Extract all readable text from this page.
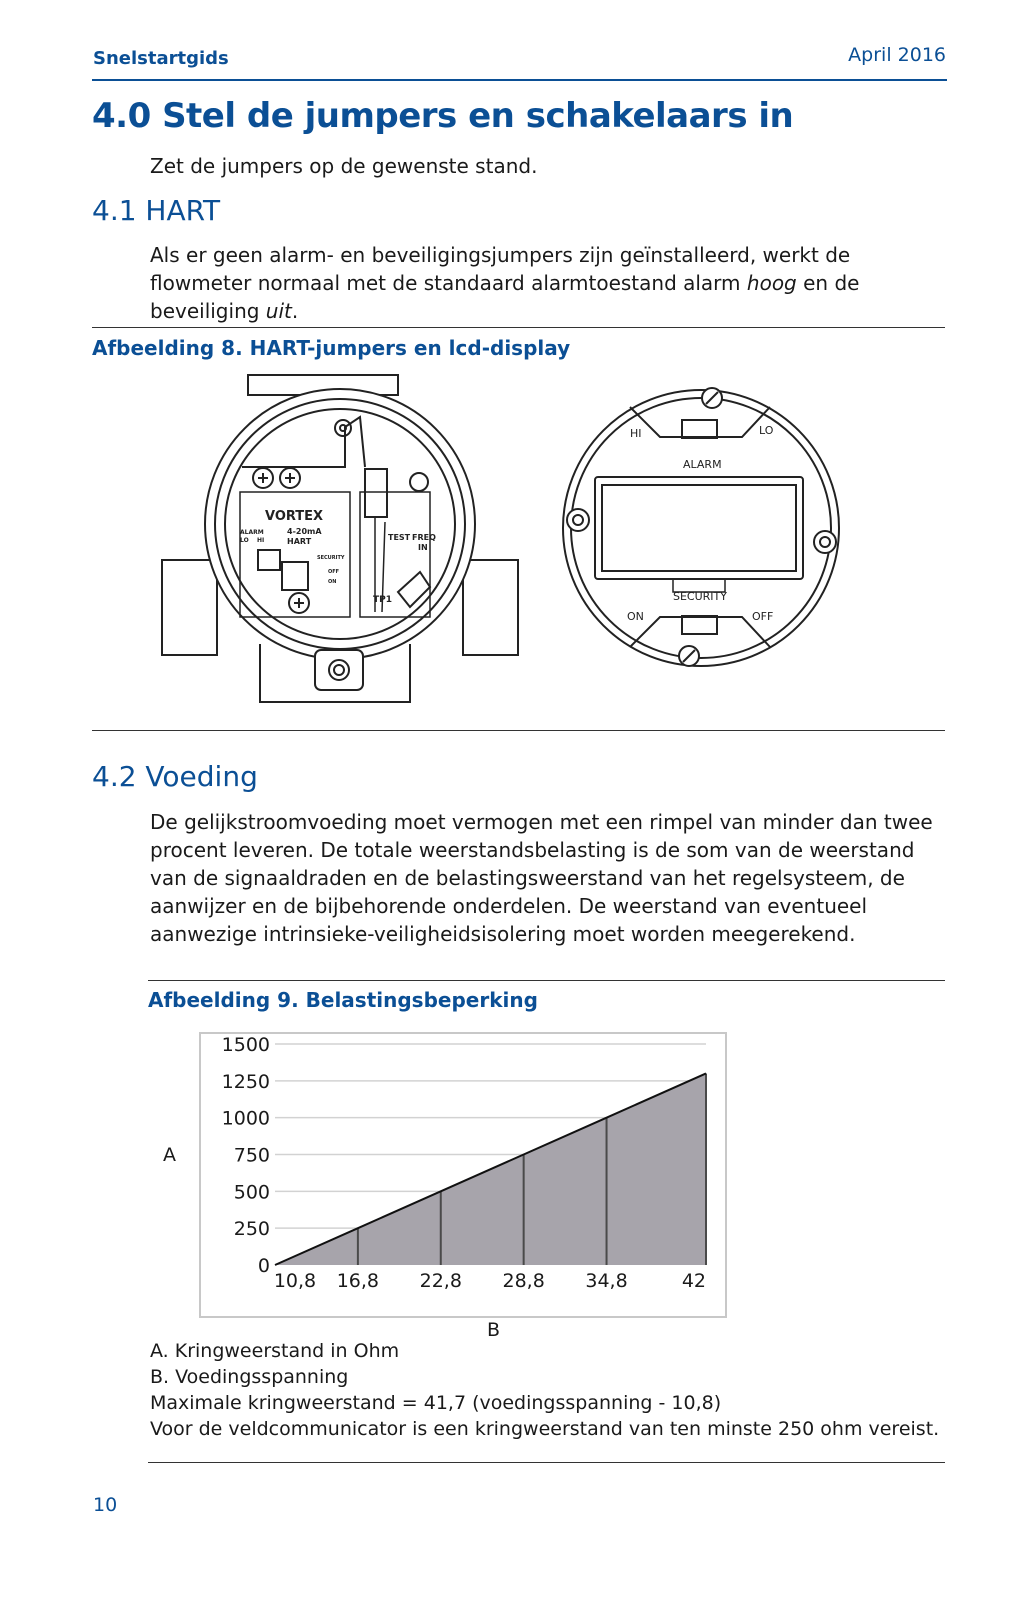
Snelstartgids	April 2016
4.0 Stel de jumpers en schakelaars in
Zet de jumpers op de gewenste stand.
4.1 HART
Als er geen alarm- en beveiligingsjumpers zijn geïnstalleerd, werkt de flowmeter normaal met de standaard alarmtoestand alarm hoog en de beveiliging uit.
Afbeelding 8. HART-jumpers en lcd-display
VORTEX
4-20mA
HART
ALARM
LO HI
SECURITY
OFF
ON
TEST FREQ
IN
TP1
HI	LO
ALARM
SECURITY
ON	OFF
4.2 Voeding
De gelijkstroomvoeding moet vermogen met een rimpel van minder dan twee procent leveren. De totale weerstandsbelasting is de som van de weerstand van de signaaldraden en de belastingsweerstand van het regelsysteem, de aanwijzer en de bijbehorende onderdelen. De weerstand van eventueel aanwezige intrinsieke-veiligheidsisolering moet worden meegerekend.
Afbeelding 9. Belastingsbeperking
1500
1250
1000
750
500
250
0
10,8 16,8 22,8 28,8 34,8	42
A
B
A. Kringweerstand in Ohm
B. Voedingsspanning
Maximale kringweerstand = 41,7 (voedingsspanning - 10,8)
Voor de veldcommunicator is een kringweerstand van ten minste 250 ohm vereist.
10
